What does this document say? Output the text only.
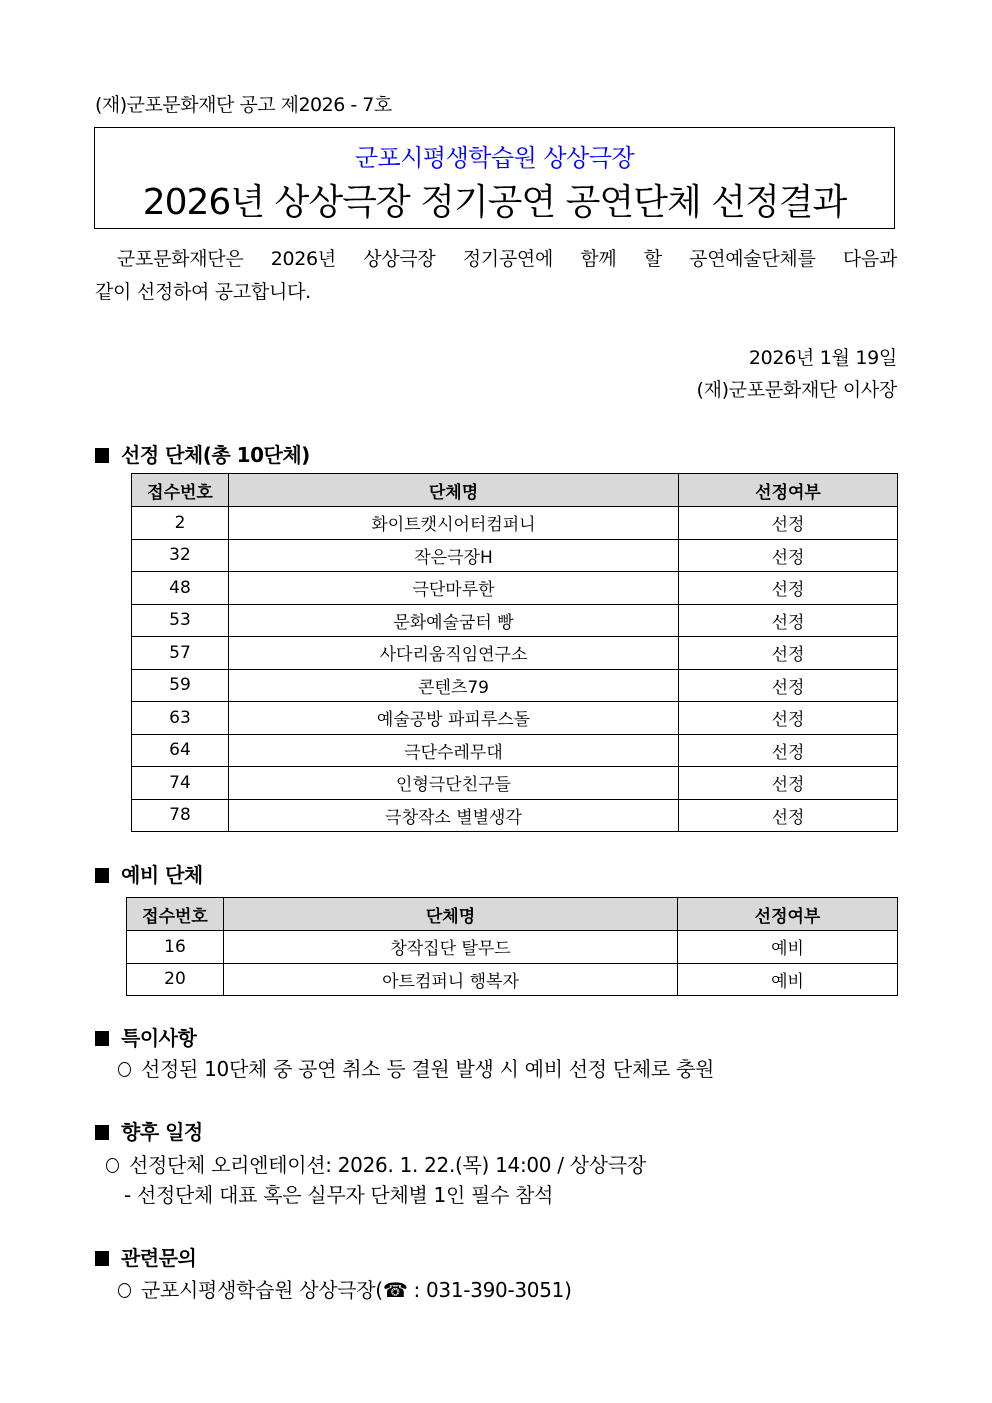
(재)군포문화재단 공고 제2026 - 7호
군포시평생학습원 상상극장
2026년 상상극장 정기공연 공연단체 선정결과
군포문화재단은 2026년 상상극장 정기공연에 함께 할 공연예술단체를 다음과
같이 선정하여 공고합니다.
2026년 1월 19일
(재)군포문화재단 이사장
선정 단체(총 10단체)
접수번호	단체명	선정여부
2	화이트캣시어터컴퍼니	선정
32	작은극장H	선정
48	극단마루한	선정
53	문화예술굼터 빵	선정
57	사다리움직임연구소	선정
59	콘텐츠79	선정
63	예술공방 파피루스돌	선정
64	극단수레무대	선정
74	인형극단친구들	선정
78	극창작소 별별생각	선정
예비 단체
접수번호	단체명	선정여부
16	창작집단 탈무드	예비
20	아트컴퍼니 행복자	예비
특이사항
선정된 10단체 중 공연 취소 등 결원 발생 시 예비 선정 단체로 충원
향후 일정
선정단체 오리엔테이션: 2026. 1. 22.(목) 14:00 / 상상극장
- 선정단체 대표 혹은 실무자 단체별 1인 필수 참석
관련문의
군포시평생학습원 상상극장(☎ : 031-390-3051)
